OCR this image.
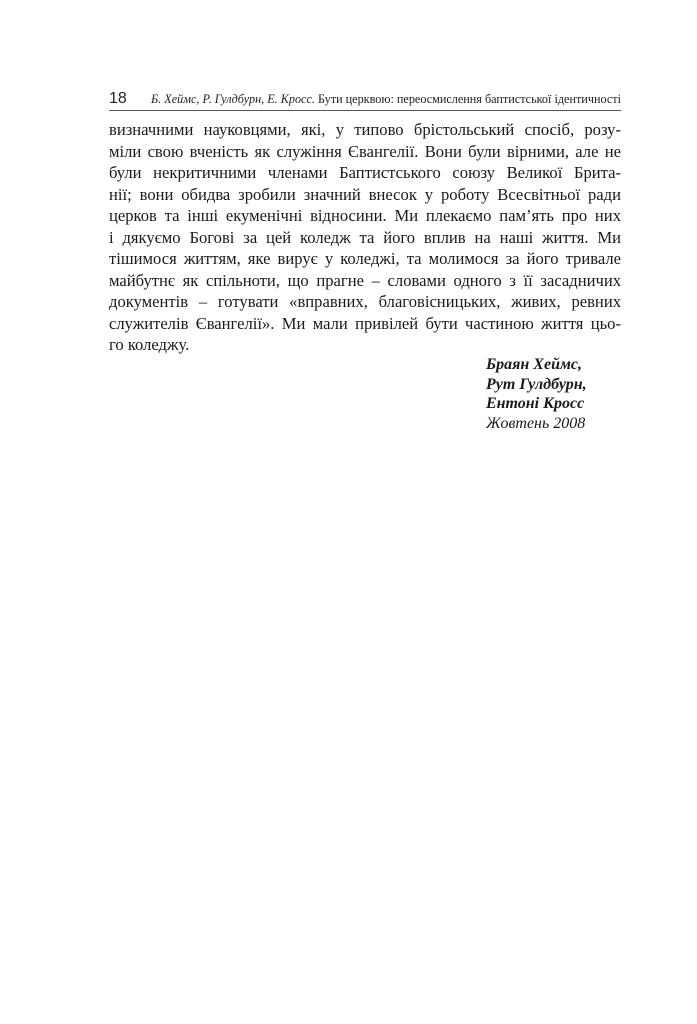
18 Б. Хеймс, Р. Гулдбурн, Е. Кросс. Бути церквою: переосмислення баптистської ідентичності
визначними науковцями, які, у типово брістольський спосіб, розу-
міли свою вченість як служіння Євангелії. Вони були вірними, але не
були некритичними членами Баптистського союзу Великої Брита-
нії; вони обидва зробили значний внесок у роботу Всесвітньої ради
церков та інші екуменічні відносини. Ми плекаємо пам’ять про них
і дякуємо Богові за цей коледж та його вплив на наші життя. Ми
тішимося життям, яке вирує у коледжі, та молимося за його тривале
майбутнє як спільноти, що прагне – словами одного з її засадничих
документів – готувати «вправних, благовісницьких, живих, ревних
служителів Євангелії». Ми мали привілей бути частиною життя цьо-
го коледжу.
Браян Хеймс,
Рут Гулдбурн,
Ентоні Кросс
Жовтень 2008
